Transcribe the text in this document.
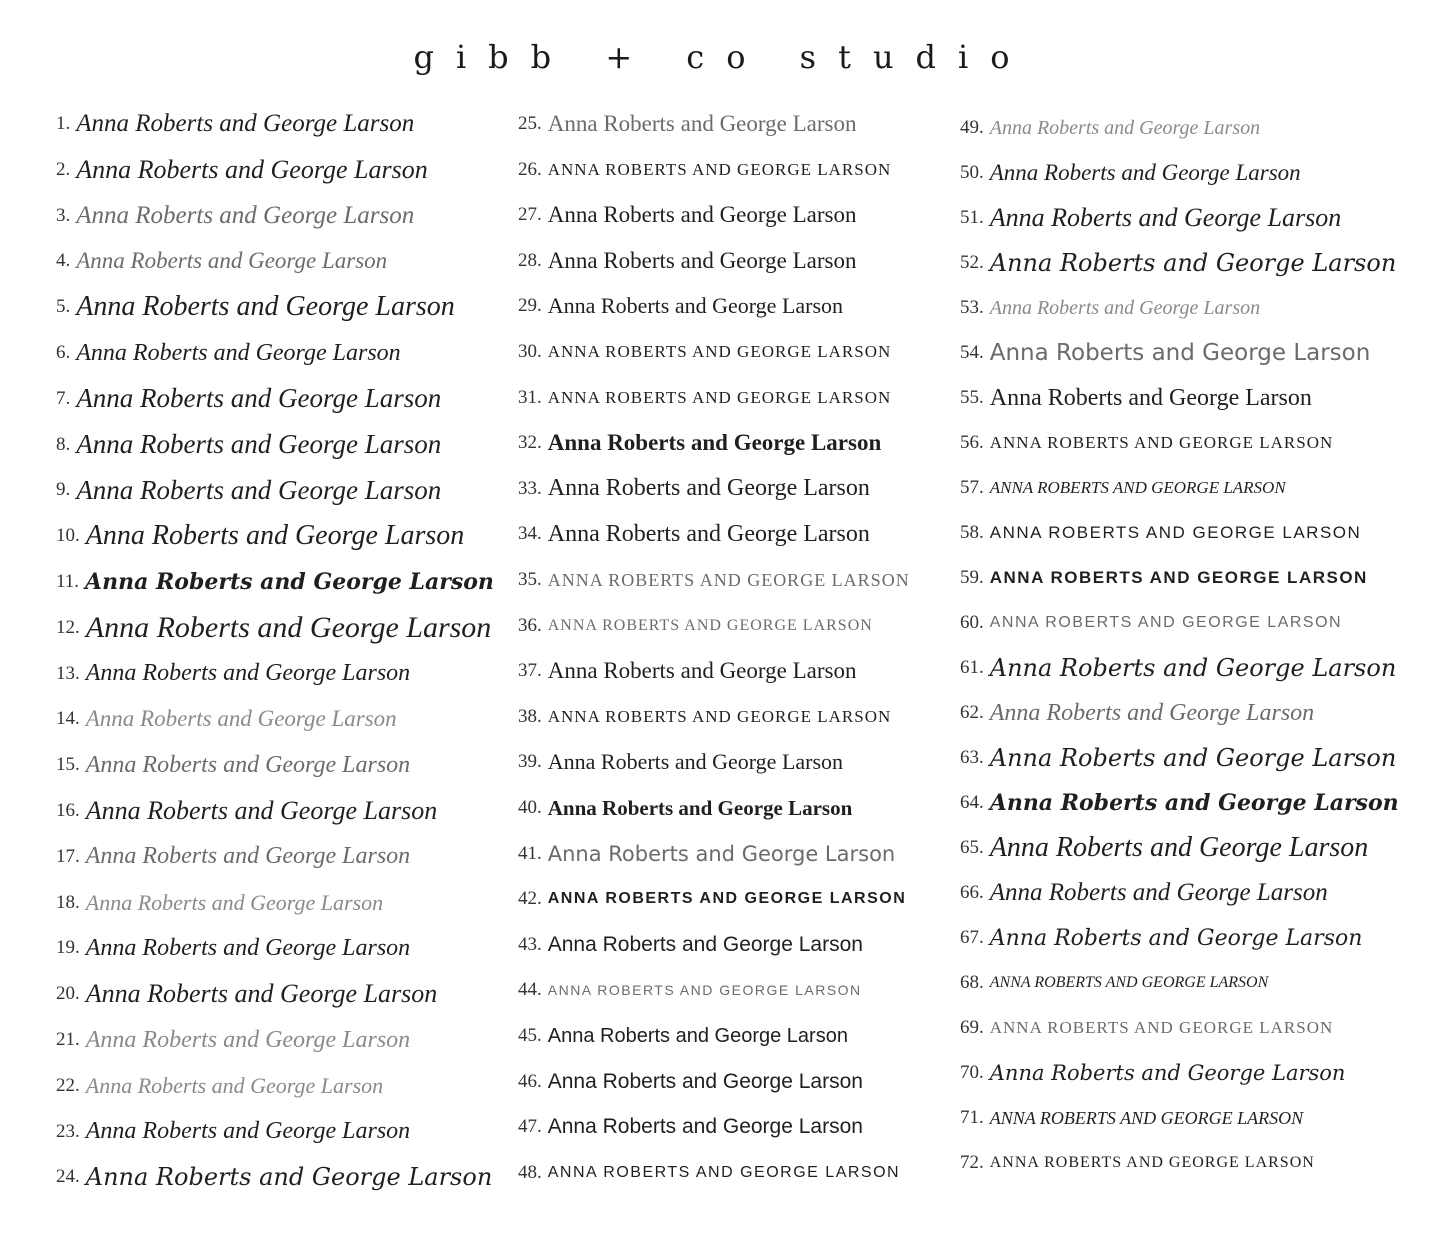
gibb + co studio
1. Anna Roberts and George Larson
2. Anna Roberts and George Larson
3. Anna Roberts and George Larson
4. Anna Roberts and George Larson
5. Anna Roberts and George Larson
6. Anna Roberts and George Larson
7. Anna Roberts and George Larson
8. Anna Roberts and George Larson
9. Anna Roberts and George Larson
10. Anna Roberts and George Larson
11. Anna Roberts and George Larson
12. Anna Roberts and George Larson
13. Anna Roberts and George Larson
14. Anna Roberts and George Larson
15. Anna Roberts and George Larson
16. Anna Roberts and George Larson
17. Anna Roberts and George Larson
18. Anna Roberts and George Larson
19. Anna Roberts and George Larson
20. Anna Roberts and George Larson
21. Anna Roberts and George Larson
22. Anna Roberts and George Larson
23. Anna Roberts and George Larson
24. Anna Roberts and George Larson
25. Anna Roberts and George Larson
26. ANNA ROBERTS AND GEORGE LARSON
27. Anna Roberts and George Larson
28. Anna Roberts and George Larson
29. Anna Roberts and George Larson
30. ANNA ROBERTS AND GEORGE LARSON
31. ANNA ROBERTS AND GEORGE LARSON
32. Anna Roberts and George Larson
33. Anna Roberts and George Larson
34. Anna Roberts and George Larson
35. ANNA ROBERTS AND GEORGE LARSON
36. ANNA ROBERTS AND GEORGE LARSON
37. Anna Roberts and George Larson
38. ANNA ROBERTS AND GEORGE LARSON
39. Anna Roberts and George Larson
40. Anna Roberts and George Larson
41. Anna Roberts and George Larson
42. ANNA ROBERTS AND GEORGE LARSON
43. Anna Roberts and George Larson
44. ANNA ROBERTS AND GEORGE LARSON
45. Anna Roberts and George Larson
46. Anna Roberts and George Larson
47. Anna Roberts and George Larson
48. ANNA ROBERTS AND GEORGE LARSON
49. Anna Roberts and George Larson
50. Anna Roberts and George Larson
51. Anna Roberts and George Larson
52. Anna Roberts and George Larson
53. Anna Roberts and George Larson
54. Anna Roberts and George Larson
55. Anna Roberts and George Larson
56. ANNA ROBERTS AND GEORGE LARSON
57. ANNA ROBERTS AND GEORGE LARSON
58. ANNA ROBERTS AND GEORGE LARSON
59. ANNA ROBERTS AND GEORGE LARSON
60. ANNA ROBERTS AND GEORGE LARSON
61. Anna Roberts and George Larson
62. Anna Roberts and George Larson
63. Anna Roberts and George Larson
64. Anna Roberts and George Larson
65. Anna Roberts and George Larson
66. Anna Roberts and George Larson
67. Anna Roberts and George Larson
68. ANNA ROBERTS AND GEORGE LARSON
69. ANNA ROBERTS AND GEORGE LARSON
70. Anna Roberts and George Larson
71. ANNA ROBERTS AND GEORGE LARSON
72. ANNA ROBERTS AND GEORGE LARSON
